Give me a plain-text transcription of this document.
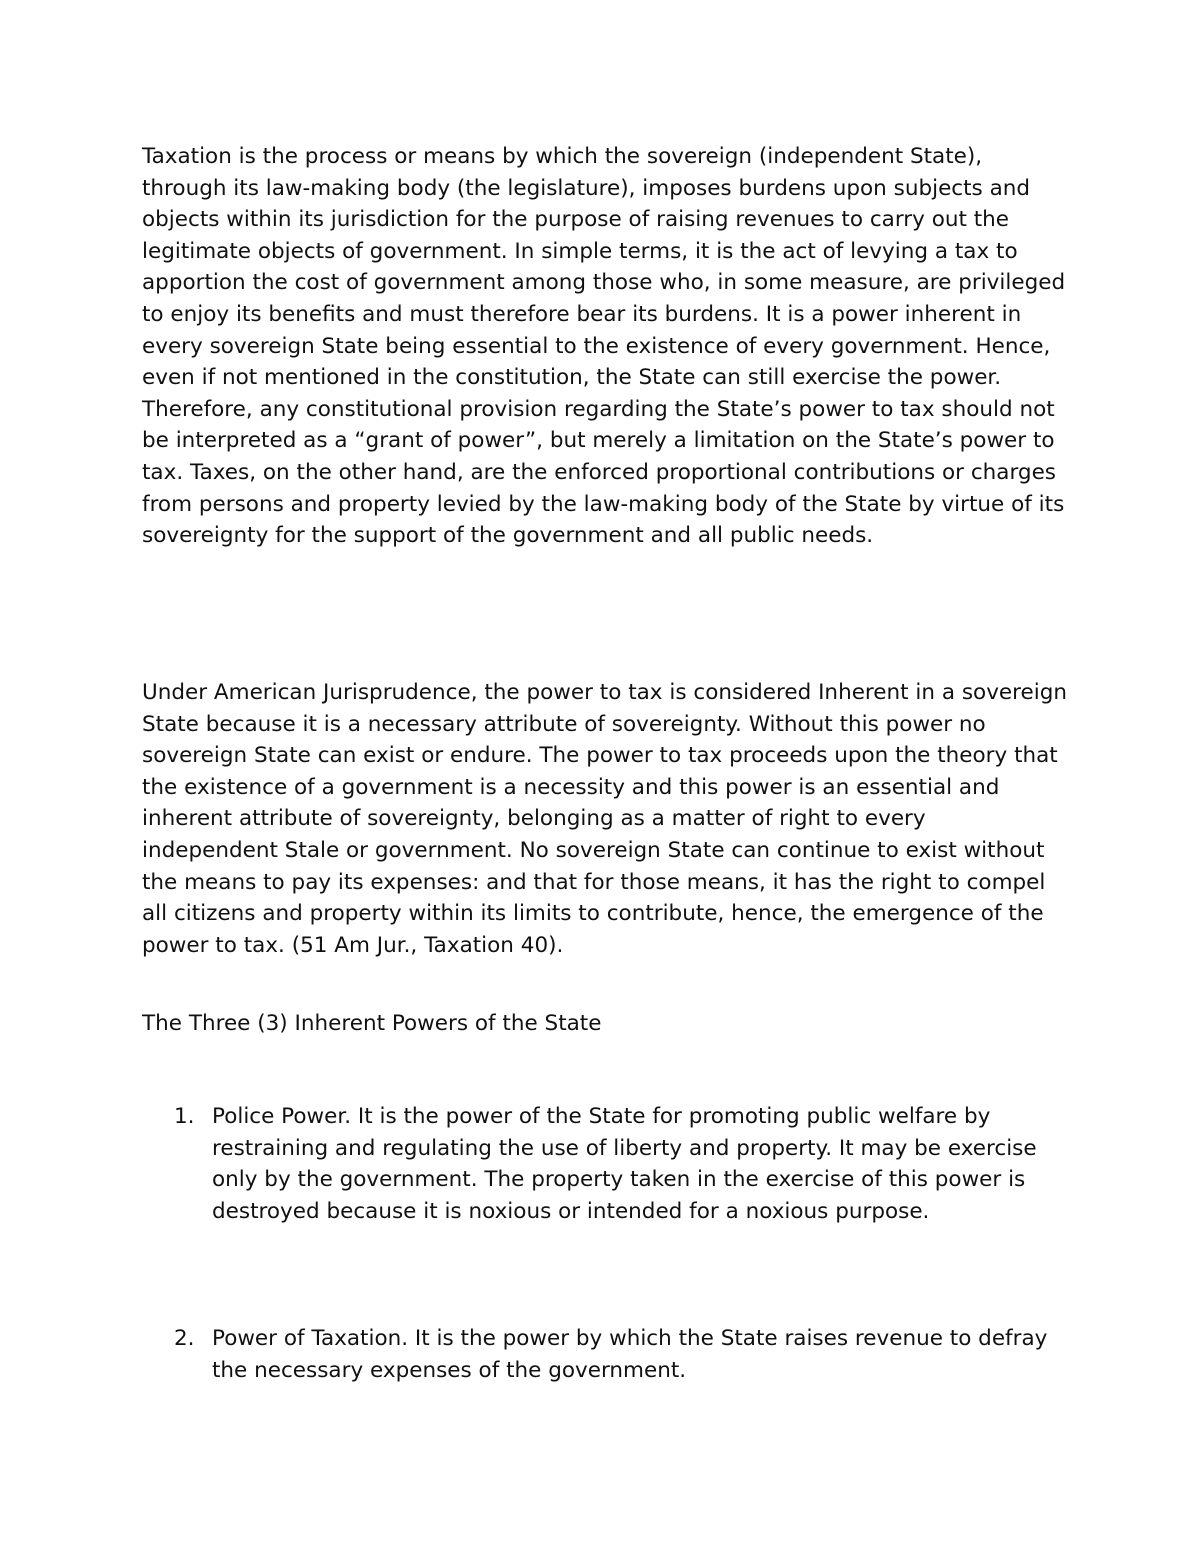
Taxation is the process or means by which the sovereign (independent State), through its law-making body (the legislature), imposes burdens upon subjects and objects within its jurisdiction for the purpose of raising revenues to carry out the legitimate objects of government. In simple terms, it is the act of levying a tax to apportion the cost of government among those who, in some measure, are privileged to enjoy its benefits and must therefore bear its burdens. It is a power inherent in every sovereign State being essential to the existence of every government. Hence, even if not mentioned in the constitution, the State can still exercise the power. Therefore, any constitutional provision regarding the State’s power to tax should not be interpreted as a “grant of power”, but merely a limitation on the State’s power to tax. Taxes, on the other hand, are the enforced proportional contributions or charges from persons and property levied by the law-making body of the State by virtue of its sovereignty for the support of the government and all public needs.

Under American Jurisprudence, the power to tax is considered Inherent in a sovereign State because it is a necessary attribute of sovereignty. Without this power no sovereign State can exist or endure. The power to tax proceeds upon the theory that the existence of a government is a necessity and this power is an essential and inherent attribute of sovereignty, belonging as a matter of right to every independent Stale or government. No sovereign State can continue to exist without the means to pay its expenses: and that for those means, it has the right to compel all citizens and property within its limits to contribute, hence, the emergence of the power to tax. (51 Am Jur., Taxation 40).

The Three (3) Inherent Powers of the State

1. Police Power. It is the power of the State for promoting public welfare by restraining and regulating the use of liberty and property. It may be exercise only by the government. The property taken in the exercise of this power is destroyed because it is noxious or intended for a noxious purpose.
2. Power of Taxation. It is the power by which the State raises revenue to defray the necessary expenses of the government.
